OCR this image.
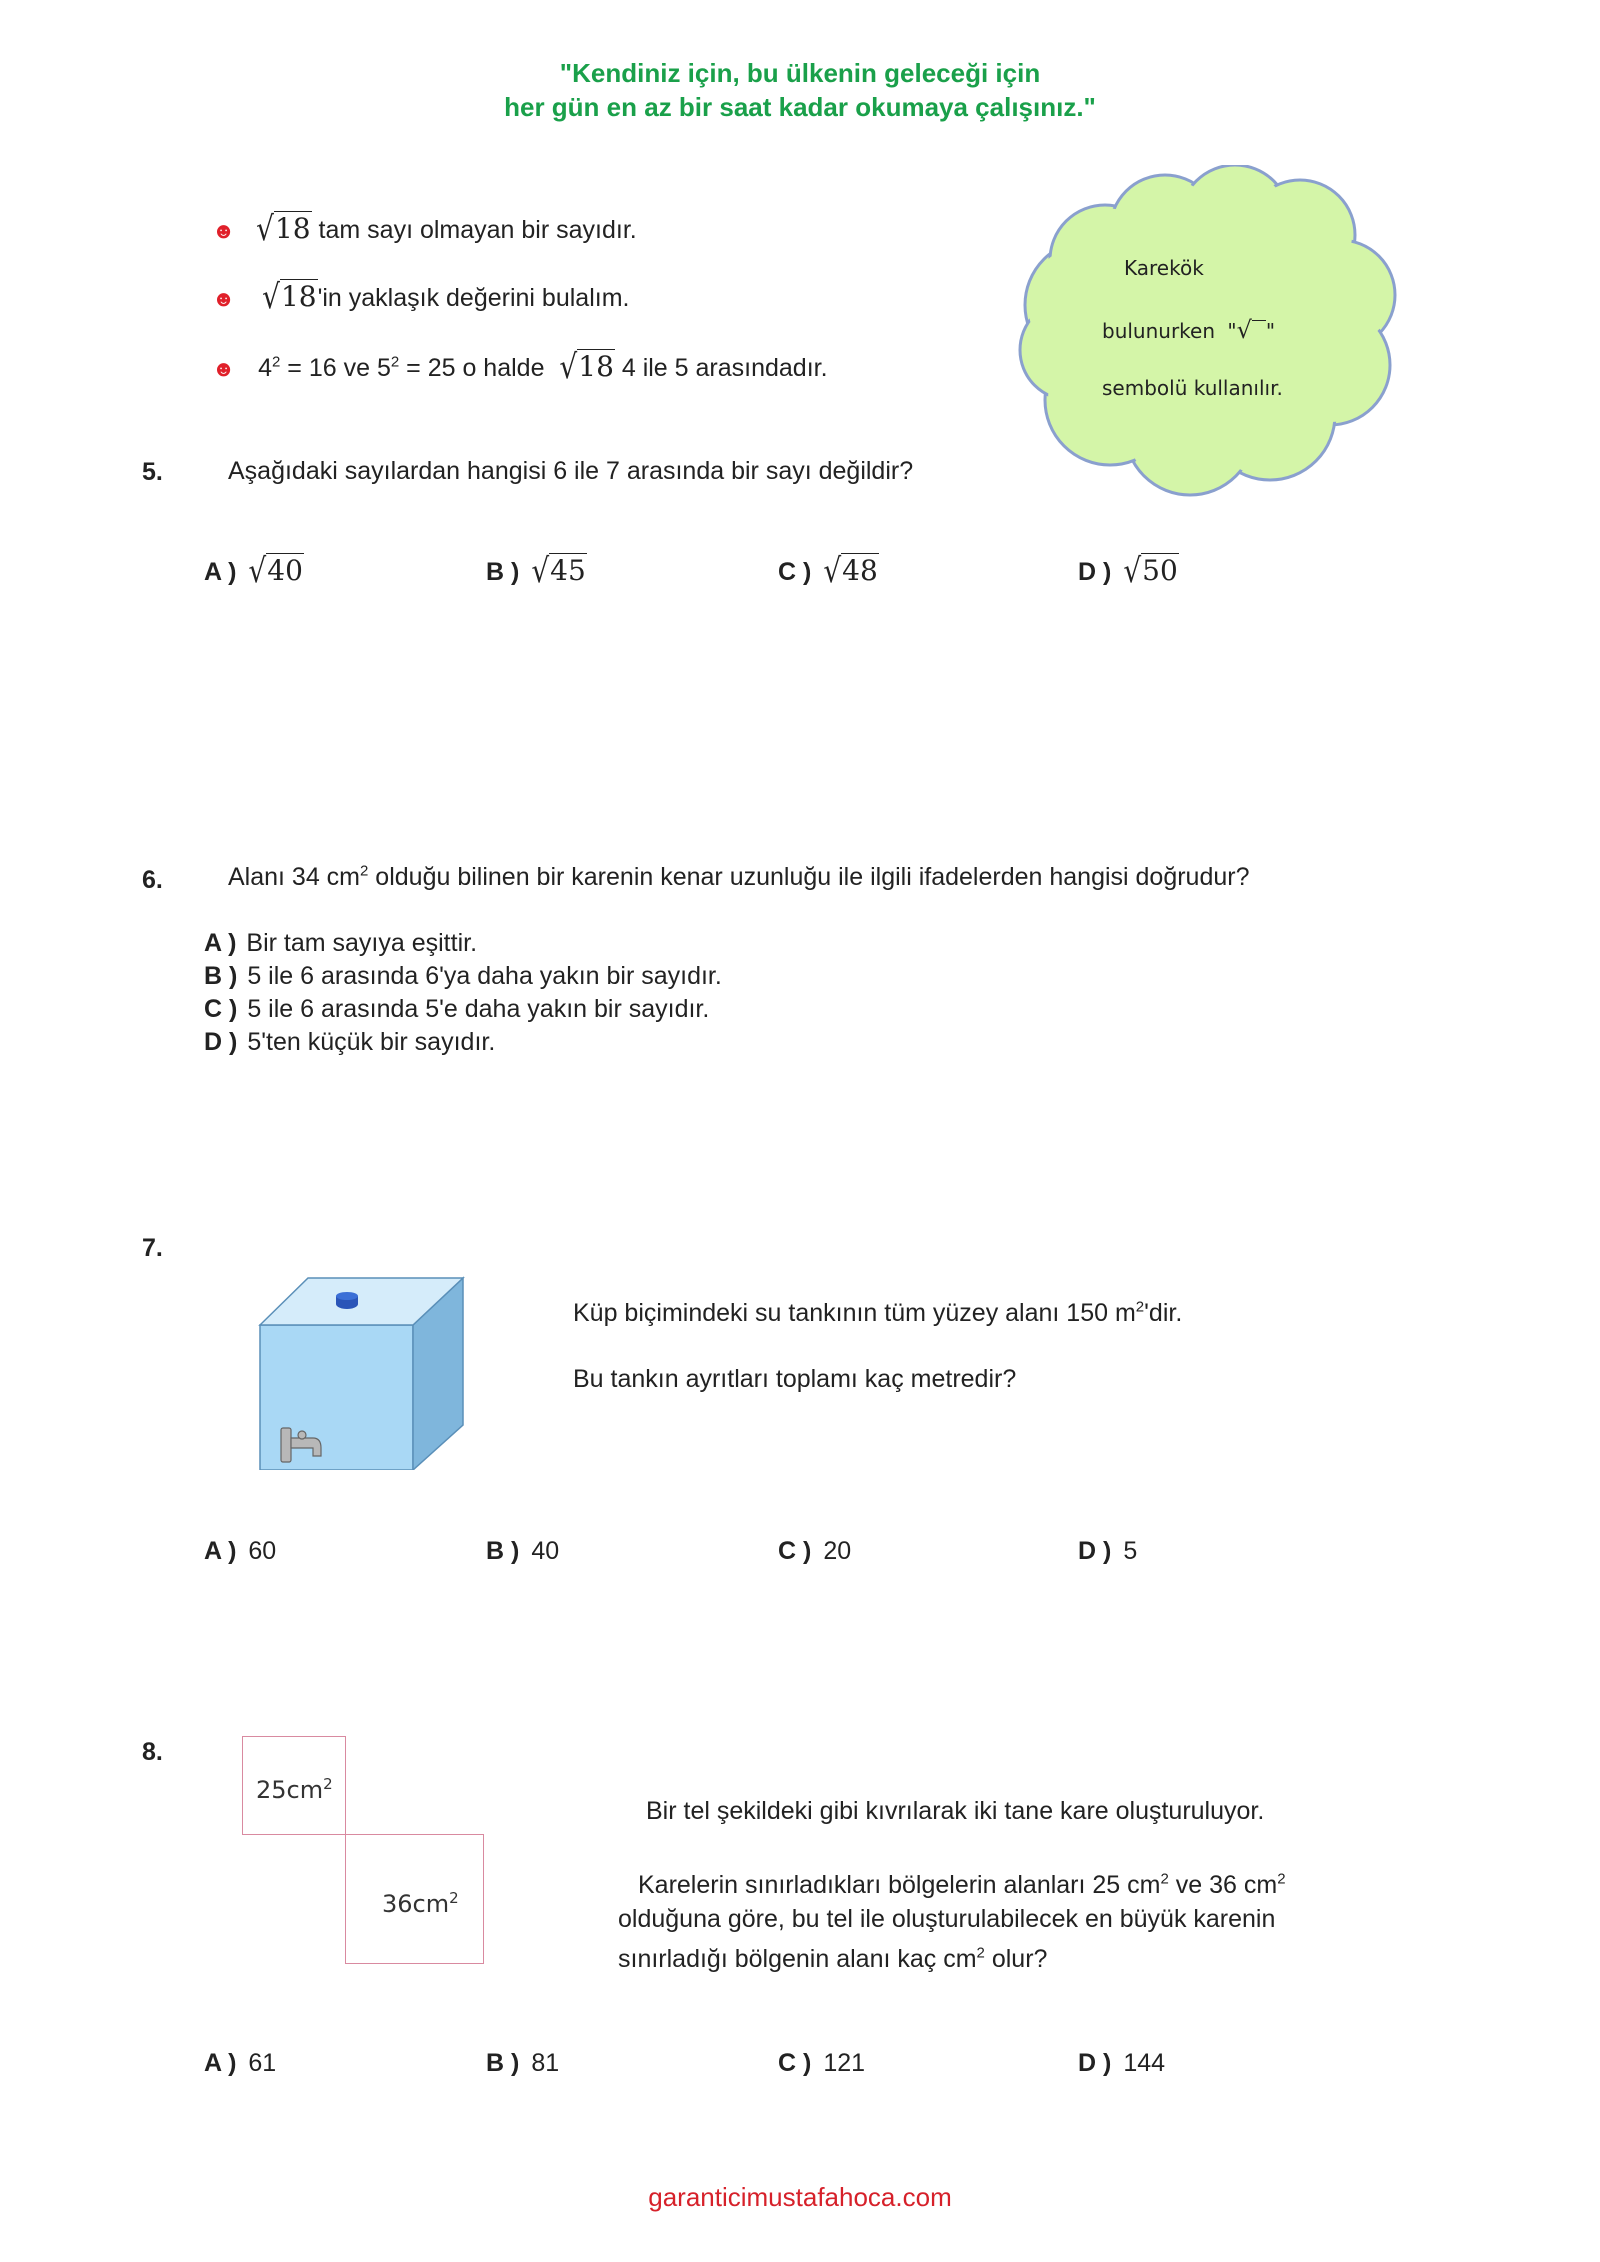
"Kendiniz için, bu ülkenin geleceği için
her gün en az bir saat kadar okumaya çalışınız."
☻ √18 tam sayı olmayan bir sayıdır.
☻ √18'in yaklaşık değerini bulalım.
☻ $4^2 = 16$ ve $5^2 = 25$ o halde √18 4 ile 5 arasındadır.
Karekök
bulunurken "√ "
sembolü kullanılır.
5.	Aşağıdaki sayılardan hangisi 6 ile 7 arasında bir sayı değildir?
A ) √40	B ) √45	C ) √48	D ) √50
6.	Alanı 34 $cm^2$ olduğu bilinen bir karenin kenar uzunluğu ile ilgili ifadelerden hangisi doğrudur?
A ) Bir tam sayıya eşittir.
B ) 5 ile 6 arasında 6'ya daha yakın bir sayıdır.
C ) 5 ile 6 arasında 5'e daha yakın bir sayıdır.
D ) 5'ten küçük bir sayıdır.
7.
Küp biçimindeki su tankının tüm yüzey alanı 150 $m^2'dir$.
Bu tankın ayrıtları toplamı kaç metredir?
A ) 60	B ) 40	C ) 20	D ) 5
8.
$25cm^2$
$36cm^2$
Bir tel şekildeki gibi kıvrılarak iki tane kare oluşturuluyor.
Karelerin sınırladıkları bölgelerin alanları 25 $cm^2$ ve 36 $cm^2$
olduğuna göre, bu tel ile oluşturulabilecek en büyük karenin
sınırladığı bölgenin alanı kaç $cm^2$ olur?
A ) 61	B ) 81	C ) 121	D ) 144
garanticimustafahoca.com
